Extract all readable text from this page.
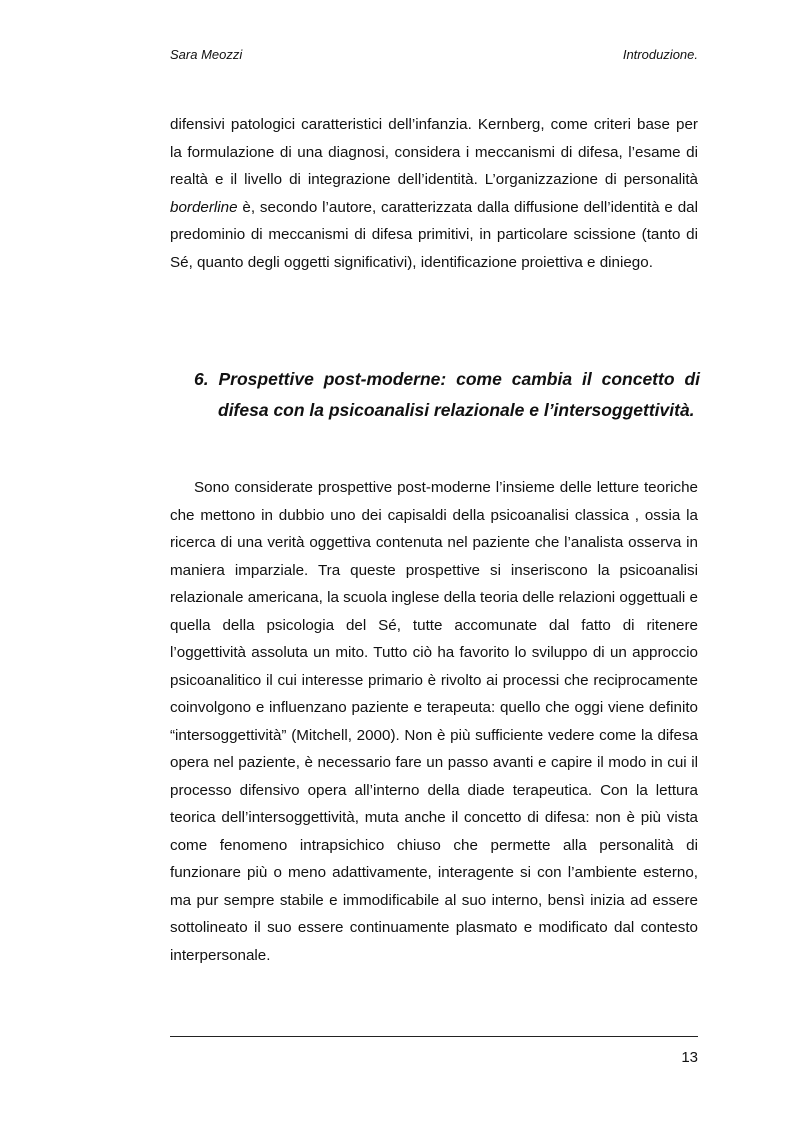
Sara Meozzi	Introduzione.

difensivi patologici caratteristici dell’infanzia. Kernberg, come criteri base per la formulazione di una diagnosi, considera i meccanismi di difesa, l’esame di realtà e il livello di integrazione dell’identità. L’organizzazione di personalità borderline è, secondo l’autore, caratterizzata dalla diffusione dell’identità e dal predominio di meccanismi di difesa primitivi, in particolare scissione (tanto di Sé, quanto degli oggetti significativi), identificazione proiettiva e diniego.

6. Prospettive post-moderne: come cambia il concetto di difesa con la psicoanalisi relazionale e l’intersoggettività.

Sono considerate prospettive post-moderne l’insieme delle letture teoriche che mettono in dubbio uno dei capisaldi della psicoanalisi classica , ossia la ricerca di una verità oggettiva contenuta nel paziente che l’analista osserva in maniera imparziale. Tra queste prospettive si inseriscono la psicoanalisi relazionale americana, la scuola inglese della teoria delle relazioni oggettuali e quella della psicologia del Sé, tutte accomunate dal fatto di ritenere l’oggettività assoluta un mito. Tutto ciò ha favorito lo sviluppo di un approccio psicoanalitico il cui interesse primario è rivolto ai processi che reciprocamente coinvolgono e influenzano paziente e terapeuta: quello che oggi viene definito “intersoggettività” (Mitchell, 2000). Non è più sufficiente vedere come la difesa opera nel paziente, è necessario fare un passo avanti e capire il modo in cui il processo difensivo opera all’interno della diade terapeutica. Con la lettura teorica dell’intersoggettività, muta anche il concetto di difesa: non è più vista come fenomeno intrapsichico chiuso che permette alla personalità di funzionare più o meno adattivamente, interagente si con l’ambiente esterno, ma pur sempre stabile e immodificabile al suo interno, bensì inizia ad essere sottolineato il suo essere continuamente plasmato e modificato dal contesto interpersonale.

13
